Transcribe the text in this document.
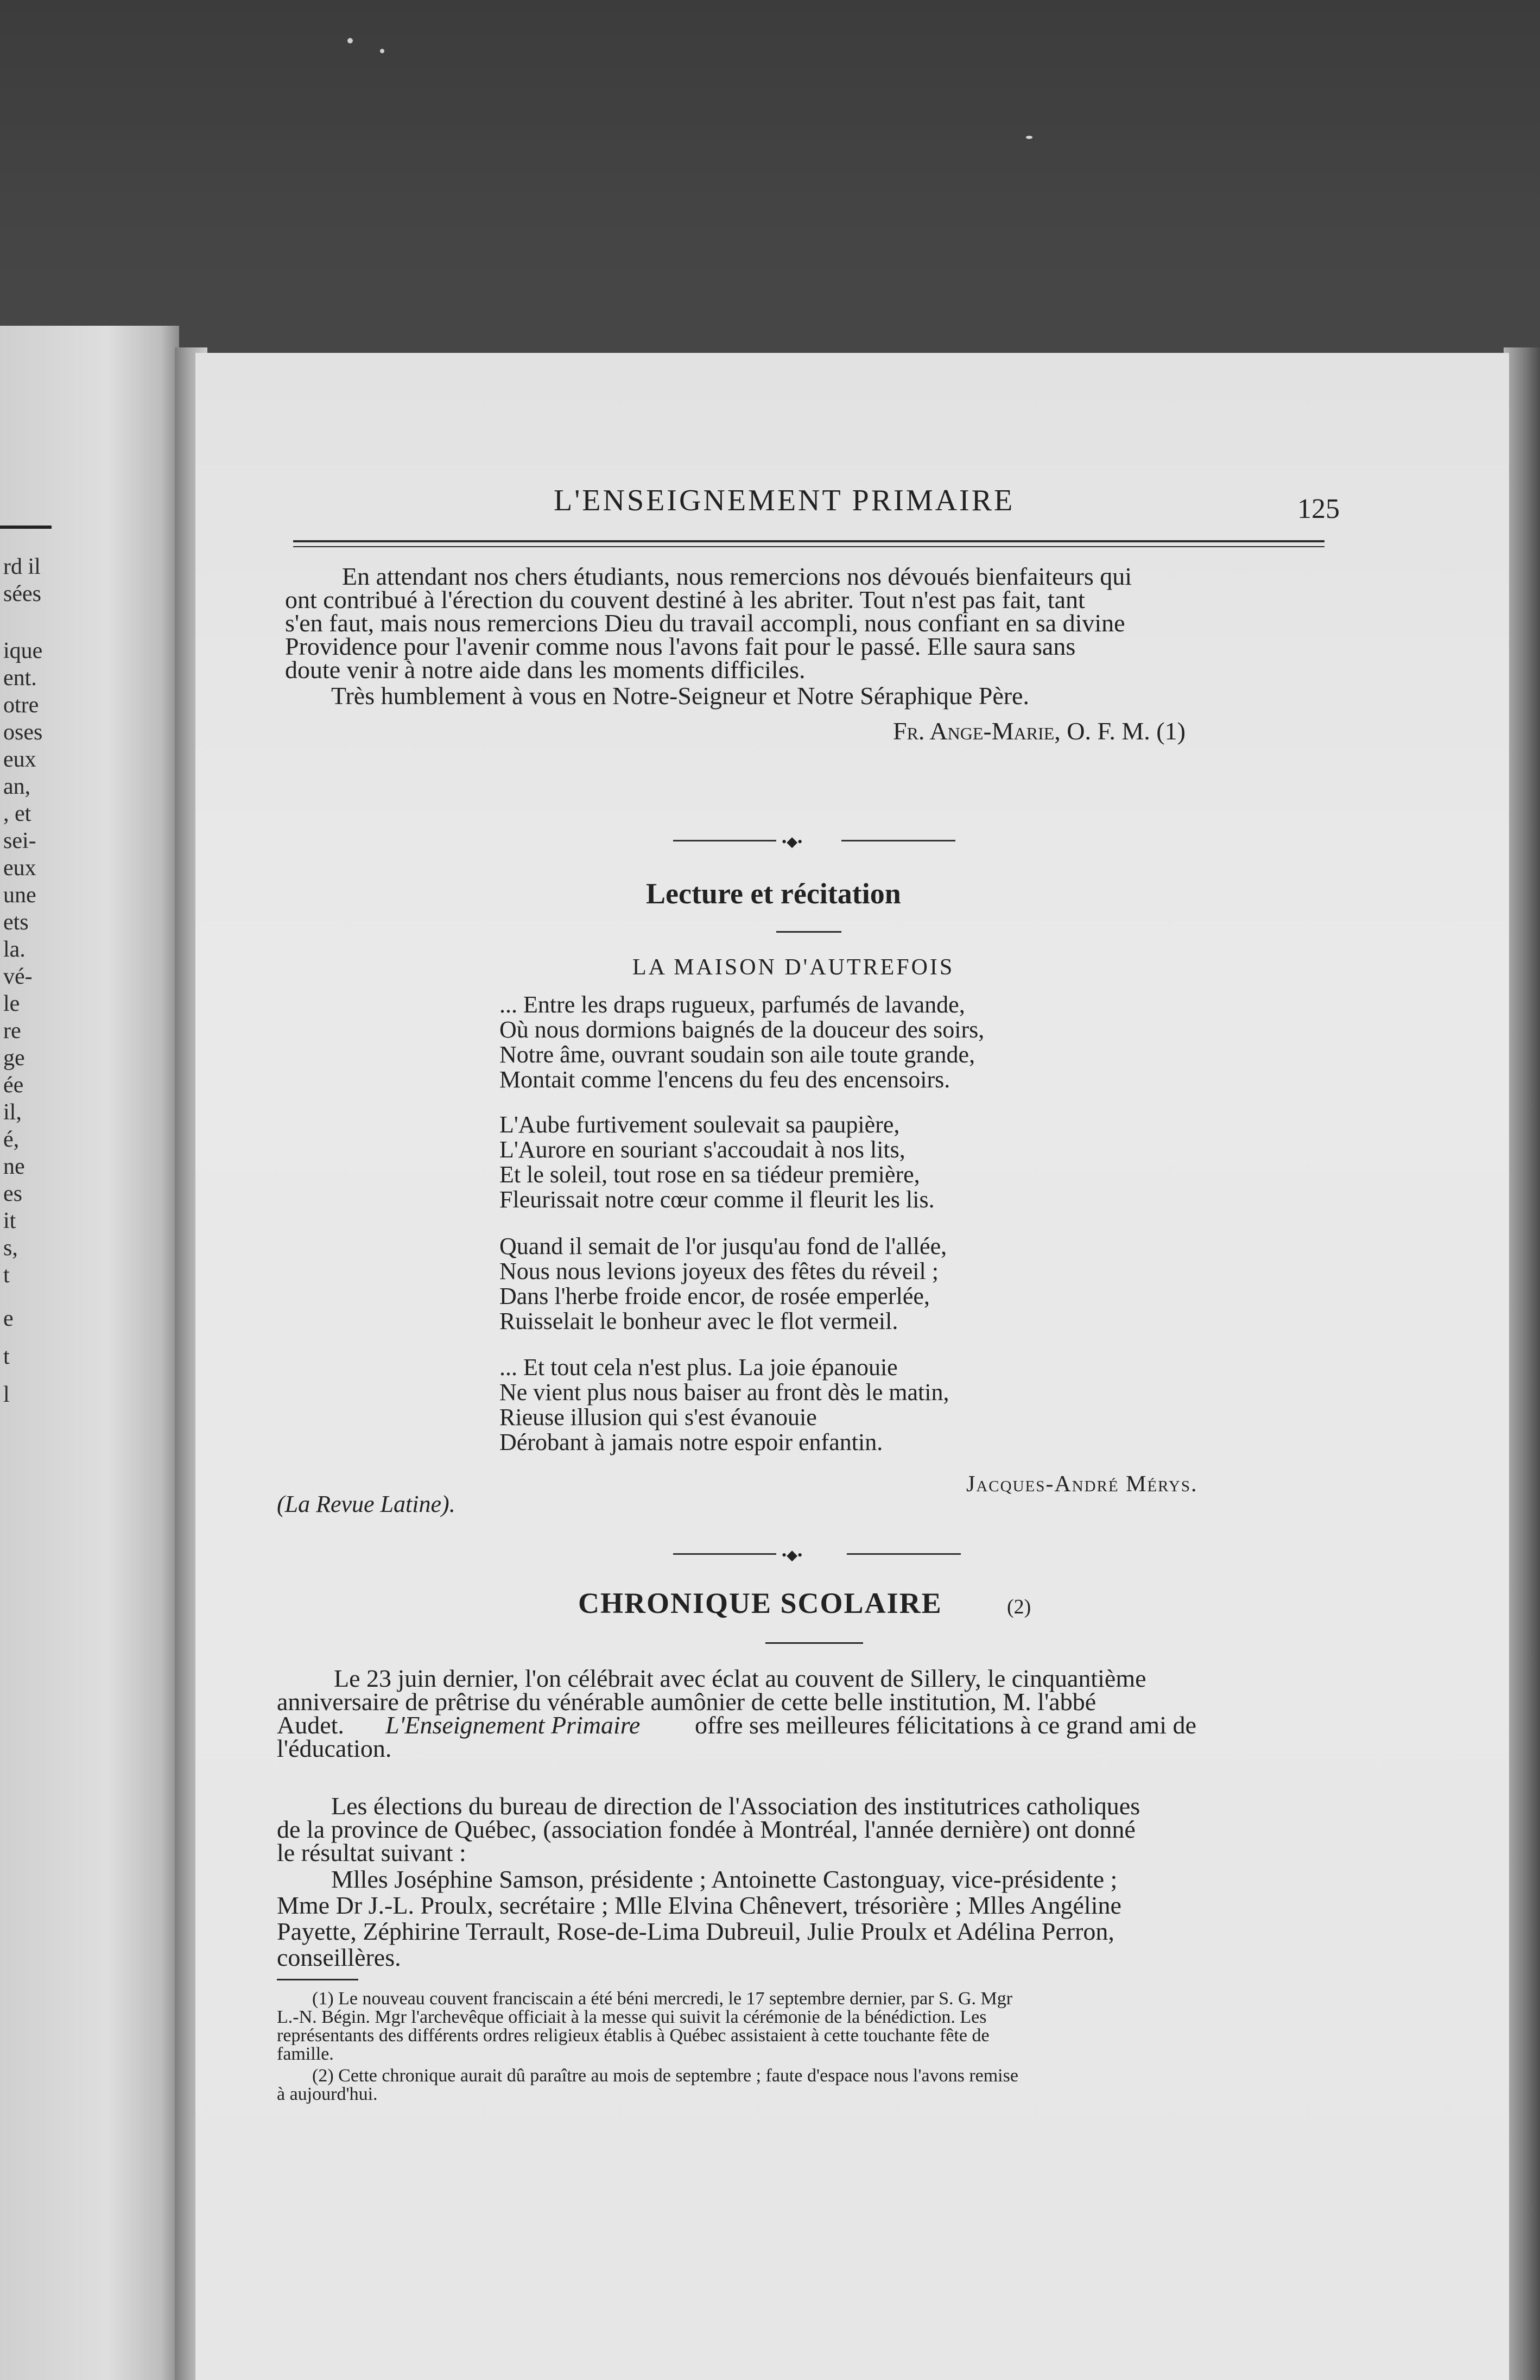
rd il
sées
ique
ent.
otre
oses
eux
an,
, et
sei-
eux
une
ets
la.
vé-
le
re
ge
ée
il,
é,
ne
es
it
s,
t
e
t
l
L'ENSEIGNEMENT PRIMAIRE	125
En attendant nos chers étudiants, nous remercions nos dévoués bienfaiteurs qui
ont contribué à l'érection du couvent destiné à les abriter. Tout n'est pas fait, tant
s'en faut, mais nous remercions Dieu du travail accompli, nous confiant en sa divine
Providence pour l'avenir comme nous l'avons fait pour le passé. Elle saura sans
doute venir à notre aide dans les moments difficiles.
Très humblement à vous en Notre-Seigneur et Notre Séraphique Père.
Fr. Ange-Marie, O. F. M. (1)
•◆•
Lecture et récitation
LA MAISON D'AUTREFOIS
... Entre les draps rugueux, parfumés de lavande,
Où nous dormions baignés de la douceur des soirs,
Notre âme, ouvrant soudain son aile toute grande,
Montait comme l'encens du feu des encensoirs.
L'Aube furtivement soulevait sa paupière,
L'Aurore en souriant s'accoudait à nos lits,
Et le soleil, tout rose en sa tiédeur première,
Fleurissait notre cœur comme il fleurit les lis.
Quand il semait de l'or jusqu'au fond de l'allée,
Nous nous levions joyeux des fêtes du réveil ;
Dans l'herbe froide encor, de rosée emperlée,
Ruisselait le bonheur avec le flot vermeil.
... Et tout cela n'est plus. La joie épanouie
Ne vient plus nous baiser au front dès le matin,
Rieuse illusion qui s'est évanouie
Dérobant à jamais notre espoir enfantin.
Jacques-André Mérys.
(La Revue Latine).
•◆•
CHRONIQUE SCOLAIRE	(2)
Le 23 juin dernier, l'on célébrait avec éclat au couvent de Sillery, le cinquantième
anniversaire de prêtrise du vénérable aumônier de cette belle institution, M. l'abbé
Audet. L'Enseignement Primaire offre ses meilleures félicitations à ce grand ami de
l'éducation.
Les élections du bureau de direction de l'Association des institutrices catholiques
de la province de Québec, (association fondée à Montréal, l'année dernière) ont donné
le résultat suivant :
Mlles Joséphine Samson, présidente ; Antoinette Castonguay, vice-présidente ;
Mme Dr J.-L. Proulx, secrétaire ; Mlle Elvina Chênevert, trésorière ; Mlles Angéline
Payette, Zéphirine Terrault, Rose-de-Lima Dubreuil, Julie Proulx et Adélina Perron,
conseillères.
(1) Le nouveau couvent franciscain a été béni mercredi, le 17 septembre dernier, par S. G. Mgr
L.-N. Bégin. Mgr l'archevêque officiait à la messe qui suivit la cérémonie de la bénédiction. Les
représentants des différents ordres religieux établis à Québec assistaient à cette touchante fête de
famille.
(2) Cette chronique aurait dû paraître au mois de septembre ; faute d'espace nous l'avons remise
à aujourd'hui.
